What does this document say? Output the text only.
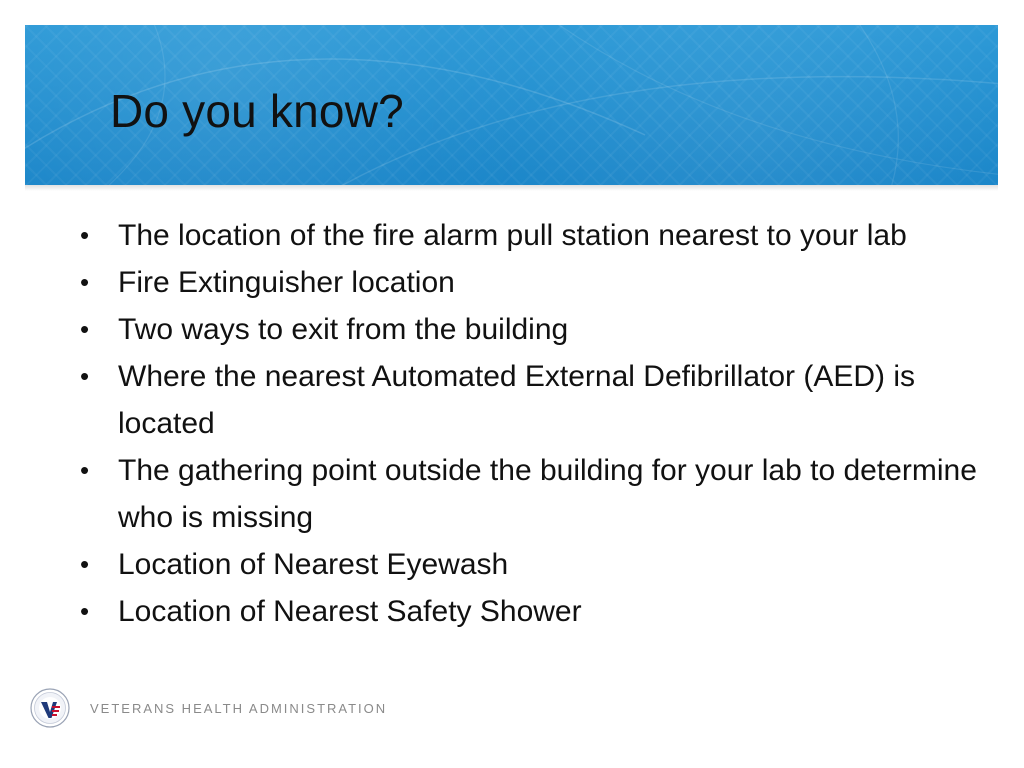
Do you know?
• The location of the fire alarm pull station nearest to your lab
• Fire Extinguisher location
• Two ways to exit from the building
• Where the nearest Automated External Defibrillator (AED) is located
• The gathering point outside the building for your lab to determine who is missing
• Location of Nearest Eyewash
• Location of Nearest Safety Shower
VETERANS HEALTH ADMINISTRATION
